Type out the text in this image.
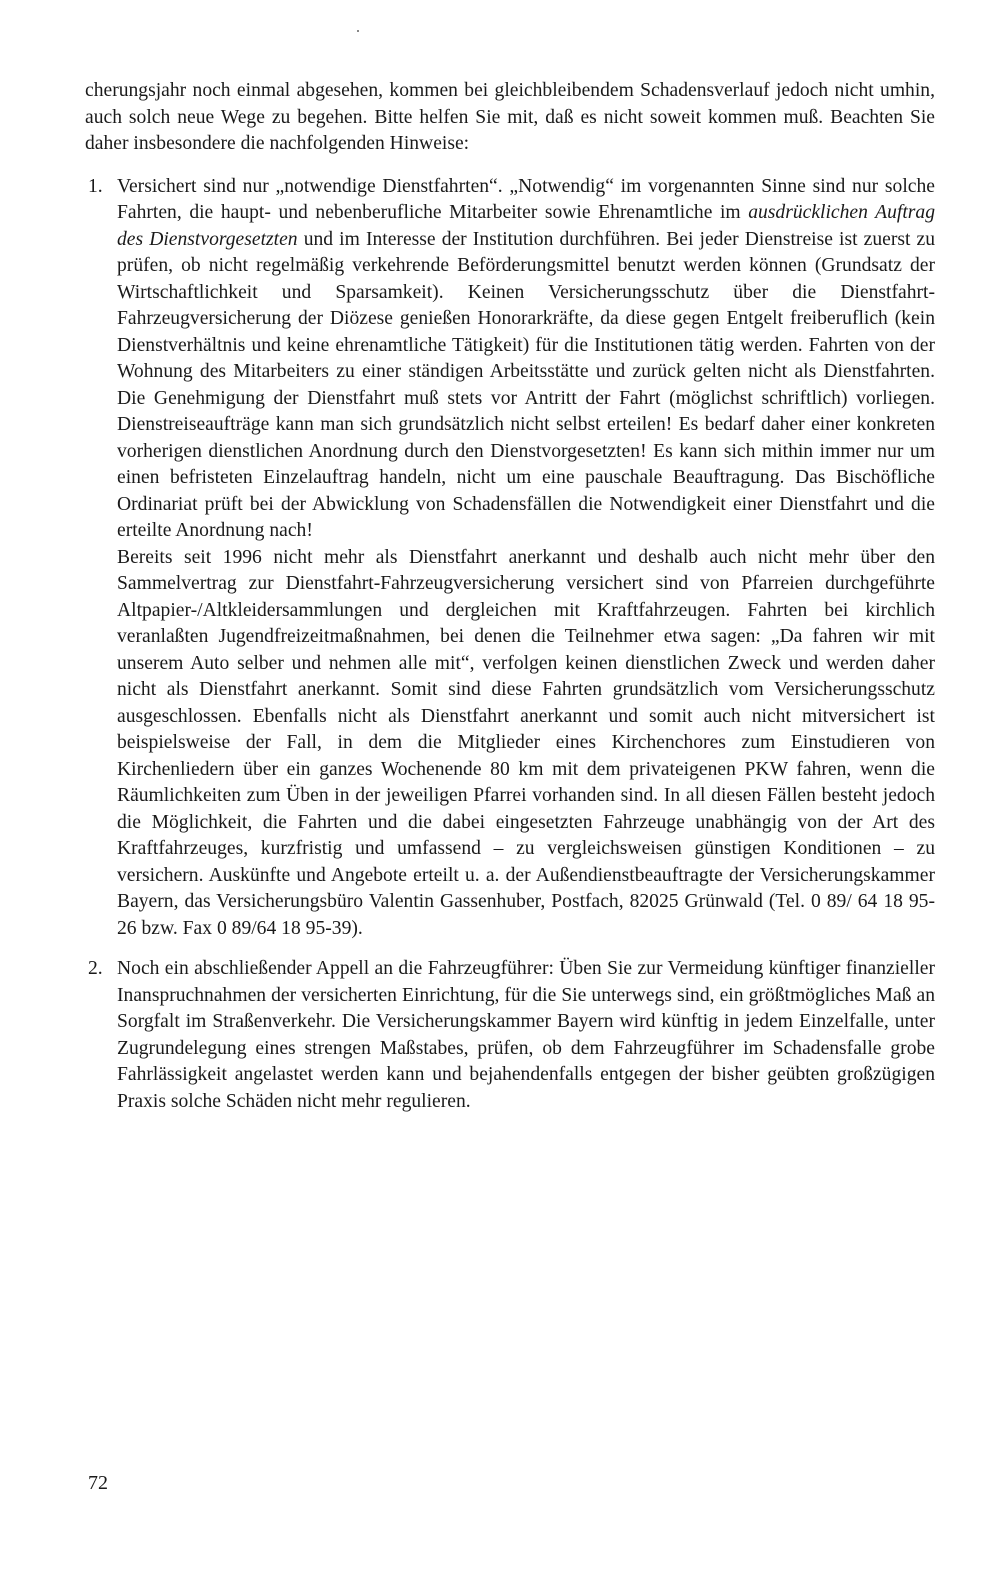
cherungsjahr noch einmal abgesehen, kommen bei gleichbleibendem Schadensverlauf jedoch nicht umhin, auch solch neue Wege zu begehen. Bitte helfen Sie mit, daß es nicht soweit kommen muß. Beachten Sie daher insbesondere die nachfolgenden Hinweise:

1. Versichert sind nur „notwendige Dienstfahrten“. „Notwendig“ im vorgenannten Sinne sind nur solche Fahrten, die haupt- und nebenberufliche Mitarbeiter sowie Ehrenamtliche im ausdrücklichen Auftrag des Dienstvorgesetzten und im Interesse der Institution durchführen. Bei jeder Dienstreise ist zuerst zu prüfen, ob nicht regelmäßig verkehrende Beförderungsmittel benutzt werden können (Grundsatz der Wirtschaftlichkeit und Sparsamkeit). Keinen Versicherungsschutz über die Dienstfahrt-Fahrzeugversicherung der Diözese genießen Honorarkräfte, da diese gegen Entgelt freiberuflich (kein Dienstverhältnis und keine ehrenamtliche Tätigkeit) für die Institutionen tätig werden. Fahrten von der Wohnung des Mitarbeiters zu einer ständigen Arbeitsstätte und zurück gelten nicht als Dienstfahrten. Die Genehmigung der Dienstfahrt muß stets vor Antritt der Fahrt (möglichst schriftlich) vorliegen. Dienstreiseaufträge kann man sich grundsätzlich nicht selbst erteilen! Es bedarf daher einer konkreten vorherigen dienstlichen Anordnung durch den Dienstvorgesetzten! Es kann sich mithin immer nur um einen befristeten Einzelauftrag handeln, nicht um eine pauschale Beauftragung. Das Bischöfliche Ordinariat prüft bei der Abwicklung von Schadensfällen die Notwendigkeit einer Dienstfahrt und die erteilte Anordnung nach!

Bereits seit 1996 nicht mehr als Dienstfahrt anerkannt und deshalb auch nicht mehr über den Sammelvertrag zur Dienstfahrt-Fahrzeugversicherung versichert sind von Pfarreien durchgeführte Altpapier-/Altkleidersammlungen und dergleichen mit Kraftfahrzeugen. Fahrten bei kirchlich veranlaßten Jugendfreizeitmaßnahmen, bei denen die Teilnehmer etwa sagen: „Da fahren wir mit unserem Auto selber und nehmen alle mit“, verfolgen keinen dienstlichen Zweck und werden daher nicht als Dienstfahrt anerkannt. Somit sind diese Fahrten grundsätzlich vom Versicherungsschutz ausgeschlossen. Ebenfalls nicht als Dienstfahrt anerkannt und somit auch nicht mitversichert ist beispielsweise der Fall, in dem die Mitglieder eines Kirchenchores zum Einstudieren von Kirchenliedern über ein ganzes Wochenende 80 km mit dem privateigenen PKW fahren, wenn die Räumlichkeiten zum Üben in der jeweiligen Pfarrei vorhanden sind. In all diesen Fällen besteht jedoch die Möglichkeit, die Fahrten und die dabei eingesetzten Fahrzeuge unabhängig von der Art des Kraftfahrzeuges, kurzfristig und umfassend – zu vergleichsweisen günstigen Konditionen – zu versichern. Auskünfte und Angebote erteilt u. a. der Außendienstbeauftragte der Versicherungskammer Bayern, das Versicherungsbüro Valentin Gassenhuber, Postfach, 82025 Grünwald (Tel. 0 89/ 64 18 95-26 bzw. Fax 0 89/64 18 95-39).

2. Noch ein abschließender Appell an die Fahrzeugführer: Üben Sie zur Vermeidung künftiger finanzieller Inanspruchnahmen der versicherten Einrichtung, für die Sie unterwegs sind, ein größtmögliches Maß an Sorgfalt im Straßenverkehr. Die Versicherungskammer Bayern wird künftig in jedem Einzelfalle, unter Zugrundelegung eines strengen Maßstabes, prüfen, ob dem Fahrzeugführer im Schadensfalle grobe Fahrlässigkeit angelastet werden kann und bejahendenfalls entgegen der bisher geübten großzügigen Praxis solche Schäden nicht mehr regulieren.

72
